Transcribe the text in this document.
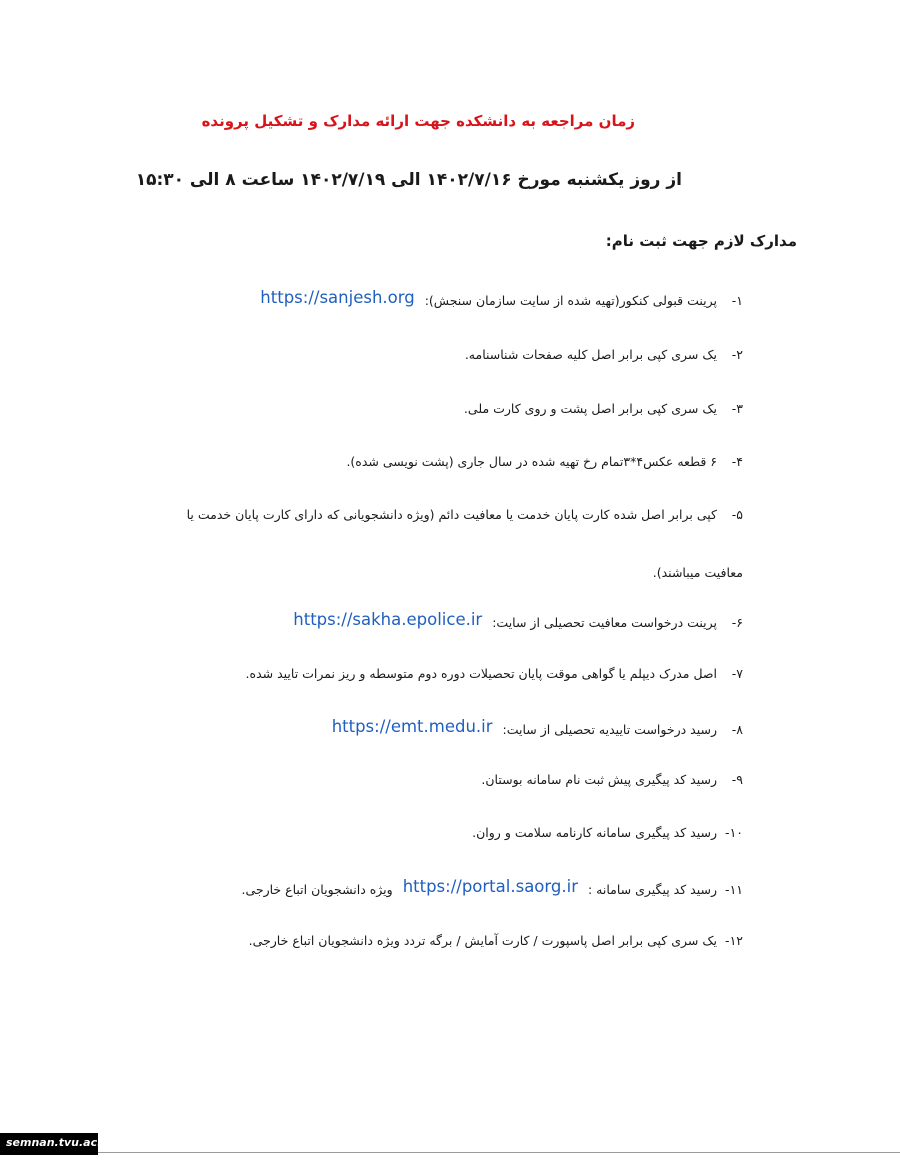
زمان مراجعه به دانشکده جهت ارائه مدارک و تشکیل پرونده
از روز یکشنبه مورخ ۱۴۰۲/۷/۱۶ الی ۱۴۰۲/۷/۱۹ ساعت ۸ الی ۱۵:۳۰
مدارک لازم جهت ثبت نام:
۱- پرینت قبولی کنکور(تهیه شده از سایت سازمان سنجش): https://sanjesh.org
۲- یک سری کپی برابر اصل کلیه صفحات شناسنامه.
۳- یک سری کپی برابر اصل پشت و روی کارت ملی.
۴- ۶ قطعه عکس۴*۳تمام رخ تهیه شده در سال جاری (پشت نویسی شده).
۵- کپی برابر اصل شده کارت پایان خدمت یا معافیت دائم (ویژه دانشجویانی که دارای کارت پایان خدمت یا معافیت میباشند).
۶- پرینت درخواست معافیت تحصیلی از سایت: https://sakha.epolice.ir
۷- اصل مدرک دیپلم یا گواهی موقت پایان تحصیلات دوره دوم متوسطه و ریز نمرات تایید شده.
۸- رسید درخواست تاییدیه تحصیلی از سایت: https://emt.medu.ir
۹- رسید کد پیگیری پیش ثبت نام سامانه بوستان.
۱۰- رسید کد پیگیری سامانه کارنامه سلامت و روان.
۱۱- رسید کد پیگیری سامانه : https://portal.saorg.ir ویژه دانشجویان اتباع خارجی.
۱۲- یک سری کپی برابر اصل پاسپورت / کارت آمایش / برگه تردد ویژه دانشجویان اتباع خارجی.
semnan.tvu.ac.ir
